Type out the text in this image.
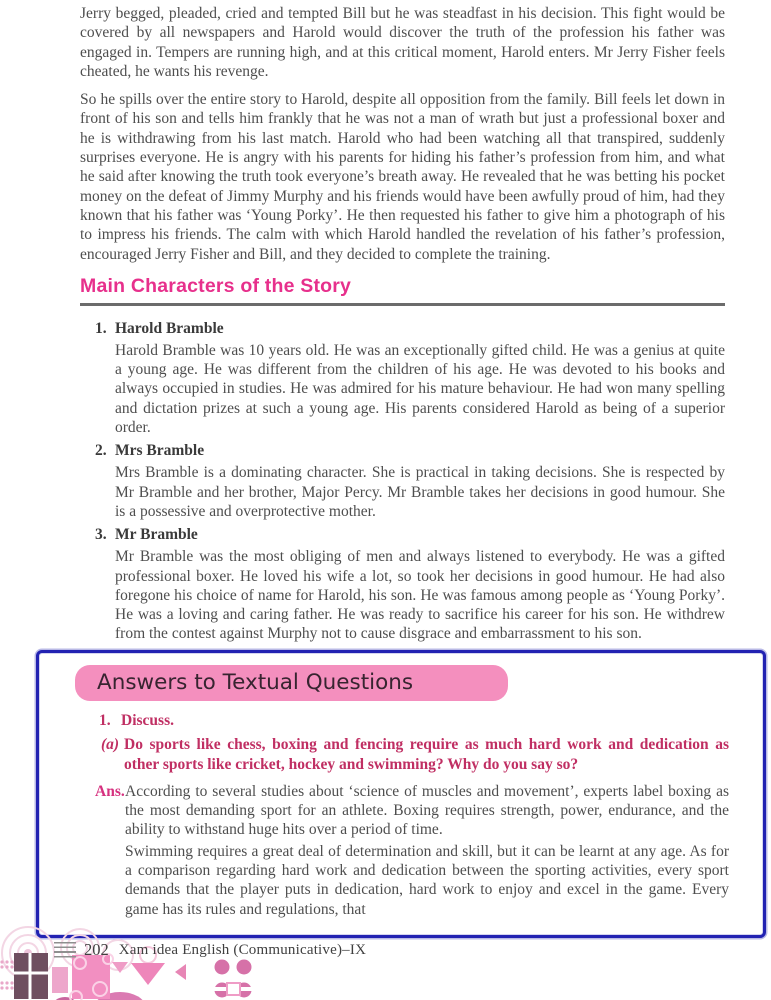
Jerry begged, pleaded, cried and tempted Bill but he was steadfast in his decision. This fight would be covered by all newspapers and Harold would discover the truth of the profession his father was engaged in. Tempers are running high, and at this critical moment, Harold enters. Mr Jerry Fisher feels cheated, he wants his revenge.

So he spills over the entire story to Harold, despite all opposition from the family. Bill feels let down in front of his son and tells him frankly that he was not a man of wrath but just a professional boxer and he is withdrawing from his last match. Harold who had been watching all that transpired, suddenly surprises everyone. He is angry with his parents for hiding his father’s profession from him, and what he said after knowing the truth took everyone’s breath away. He revealed that he was betting his pocket money on the defeat of Jimmy Murphy and his friends would have been awfully proud of him, had they known that his father was ‘Young Porky’. He then requested his father to give him a photograph of his to impress his friends. The calm with which Harold handled the revelation of his father’s profession, encouraged Jerry Fisher and Bill, and they decided to complete the training.

Main Characters of the Story
1. Harold Bramble

Harold Bramble was 10 years old. He was an exceptionally gifted child. He was a genius at quite a young age. He was different from the children of his age. He was devoted to his books and always occupied in studies. He was admired for his mature behaviour. He had won many spelling and dictation prizes at such a young age. His parents considered Harold as being of a superior order.

2. Mrs Bramble

Mrs Bramble is a dominating character. She is practical in taking decisions. She is respected by Mr Bramble and her brother, Major Percy. Mr Bramble takes her decisions in good humour. She is a possessive and overprotective mother.

3. Mr Bramble

Mr Bramble was the most obliging of men and always listened to everybody. He was a gifted professional boxer. He loved his wife a lot, so took her decisions in good humour. He had also foregone his choice of name for Harold, his son. He was famous among people as ‘Young Porky’. He was a loving and caring father. He was ready to sacrifice his career for his son. He withdrew from the contest against Murphy not to cause disgrace and embarrassment to his son.

Answers to Textual Questions
1. Discuss.
(a) Do sports like chess, boxing and fencing require as much hard work and dedication as other sports like cricket, hockey and swimming? Why do you say so?

Ans. According to several studies about ‘science of muscles and movement’, experts label boxing as the most demanding sport for an athlete. Boxing requires strength, power, endurance, and the ability to withstand huge hits over a period of time.

Swimming requires a great deal of determination and skill, but it can be learnt at any age. As for a comparison regarding hard work and dedication between the sporting activities, every sport demands that the player puts in dedication, hard work to enjoy and excel in the game. Every game has its rules and regulations, that

202 Xam idea English (Communicative)–IX
